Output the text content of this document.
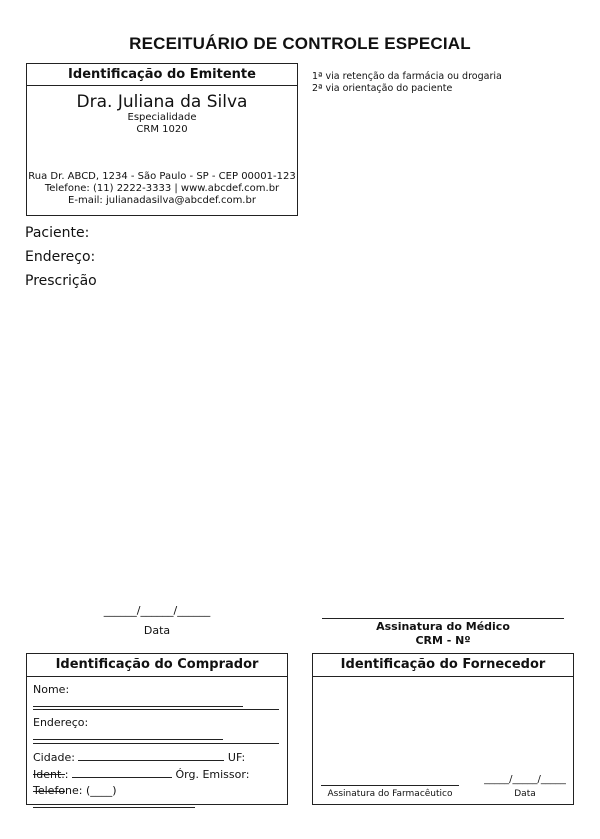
RECEITUÁRIO DE CONTROLE ESPECIAL
Identificação do Emitente
Dra. Juliana da Silva
Especialidade
CRM 1020
Rua Dr. ABCD, 1234 - São Paulo - SP - CEP 00001-123
Telefone: (11) 2222-3333 | www.abcdef.com.br
E-mail: julianadasilva@abcdef.com.br
1ª via retenção da farmácia ou drogaria
2ª via orientação do paciente
Paciente:
Endereço:
Prescrição
______/______/______
Data	Assinatura do Médico
CRM - Nº
Identificação do Comprador
Nome:
Endereço:
Cidade:	UF:
Ident.:	Órg. Emissor:
Telefone: (____)
Identificação do Fornecedor
Assinatura do Farmacêutico
_____/_____/_____
Data
